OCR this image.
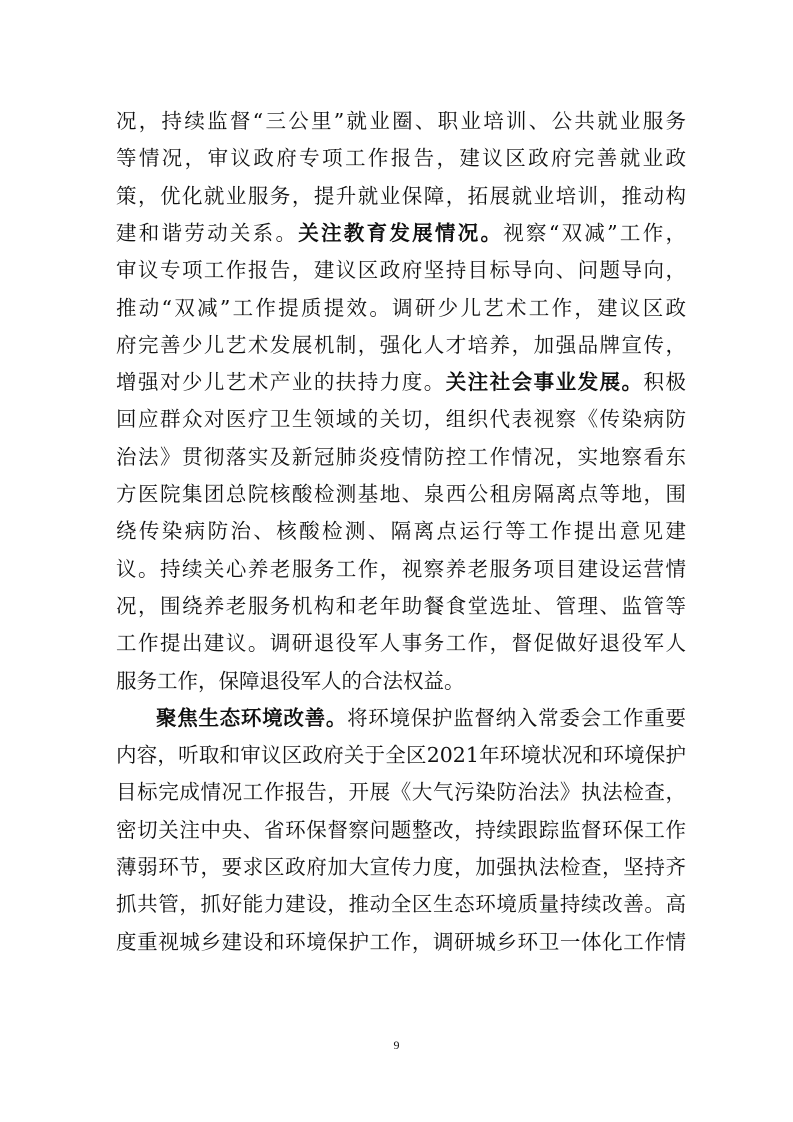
况，持续监督“三公里”就业圈、职业培训、公共就业服务
等情况，审议政府专项工作报告，建议区政府完善就业政
策，优化就业服务，提升就业保障，拓展就业培训，推动构
建和谐劳动关系。关注教育发展情况。视察“双减”工作，
审议专项工作报告，建议区政府坚持目标导向、问题导向，
推动“双减”工作提质提效。调研少儿艺术工作，建议区政
府完善少儿艺术发展机制，强化人才培养，加强品牌宣传，
增强对少儿艺术产业的扶持力度。关注社会事业发展。积极
回应群众对医疗卫生领域的关切，组织代表视察《传染病防
治法》贯彻落实及新冠肺炎疫情防控工作情况，实地察看东
方医院集团总院核酸检测基地、泉西公租房隔离点等地，围
绕传染病防治、核酸检测、隔离点运行等工作提出意见建
议。持续关心养老服务工作，视察养老服务项目建设运营情
况，围绕养老服务机构和老年助餐食堂选址、管理、监管等
工作提出建议。调研退役军人事务工作，督促做好退役军人
服务工作，保障退役军人的合法权益。
聚焦生态环境改善。将环境保护监督纳入常委会工作重要
内容，听取和审议区政府关于全区2021年环境状况和环境保护
目标完成情况工作报告，开展《大气污染防治法》执法检查，
密切关注中央、省环保督察问题整改，持续跟踪监督环保工作
薄弱环节，要求区政府加大宣传力度，加强执法检查，坚持齐
抓共管，抓好能力建设，推动全区生态环境质量持续改善。高
度重视城乡建设和环境保护工作，调研城乡环卫一体化工作情
9
